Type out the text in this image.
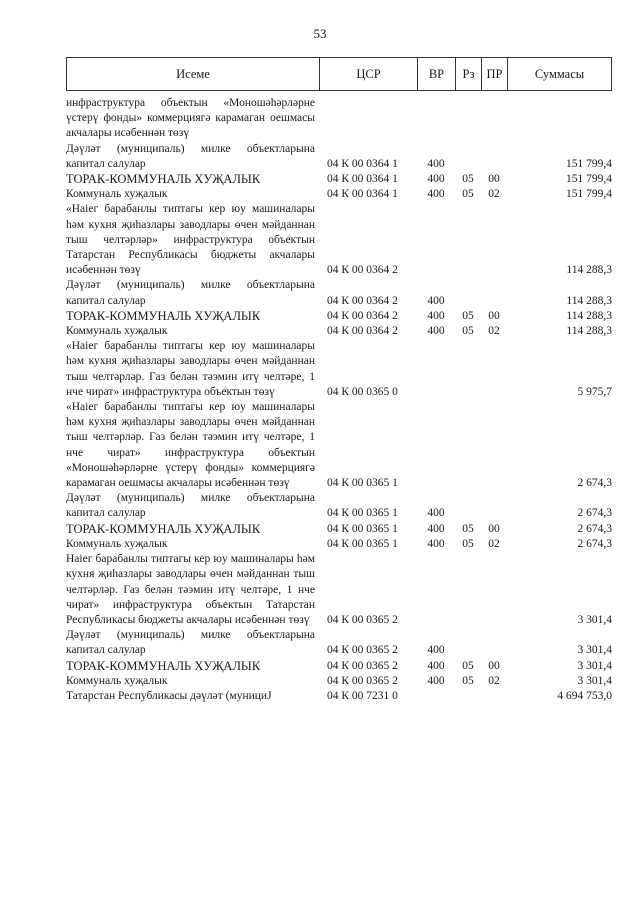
53
Исеме	ЦСР	ВР	Рз ПР	Суммасы
инфраструктура объектын «Моношәһәрләрне үстерү фонды» коммерциягә карамаган оешмасы акчалары исәбеннән төзү
Дәүләт (муниципаль) милке объектларына капитал салулар	04 К 00 0364 1	400	151 799,4
ТОРАК-КОММУНАЛЬ ХУҖАЛЫК	04 К 00 0364 1	400	05	00	151 799,4
Коммуналь хуҗалык	04 К 00 0364 1	400	05	02	151 799,4
«Наiег барабанлы типтагы кер юу машиналары һәм кухня җиһазлары заводлары өчен мәйданнан тыш челтәрләр» инфраструктура объектын Татарстан Республикасы бюджеты акчалары исәбеннән төзү	04 К 00 0364 2	114 288,3
Дәүләт (муниципаль) милке объектларына капитал салулар	04 К 00 0364 2	400	114 288,3
ТОРАК-КОММУНАЛЬ ХУҖАЛЫК	04 К 00 0364 2	400	05	00	114 288,3
Коммуналь хуҗалык	04 К 00 0364 2	400	05	02	114 288,3
«Наiег барабанлы типтагы кер юу машиналары һәм кухня җиһазлары заводлары өчен мәйданнан тыш челтәрләр. Газ белән тәэмин итү челтәре, 1 нче чират» инфраструктура объектын төзү	04 К 00 0365 0	5 975,7
«Наiег барабанлы типтагы кер юу машиналары һәм кухня җиһазлары заводлары өчен мәйданнан тыш челтәрләр. Газ белән тәэмин итү челтәре, 1 нче чират» инфраструктура объектын «Моношәһәрләрне үстерү фонды» коммерциягә карамаган оешмасы акчалары исәбеннән төзү	04 К 00 0365 1	2 674,3
Дәүләт (муниципаль) милке объектларына капитал салулар	04 К 00 0365 1	400	2 674,3
ТОРАК-КОММУНАЛЬ ХУҖАЛЫК	04 К 00 0365 1	400	05	00	2 674,3
Коммуналь хуҗалык	04 К 00 0365 1	400	05	02	2 674,3
Наiег барабанлы типтагы кер юу машиналары һәм кухня җиһазлары заводлары өчен мәйданнан тыш челтәрләр. Газ белән тәэмин итү челтәре, 1 нче чират» инфраструктура объектын Татарстан Республикасы бюджеты акчалары исәбеннән төзү	04 К 00 0365 2	3 301,4
Дәүләт (муниципаль) милке объектларына капитал салулар	04 К 00 0365 2	400	3 301,4
ТОРАК-КОММУНАЛЬ ХУҖАЛЫК	04 К 00 0365 2	400	05	00	3 301,4
Коммуналь хуҗалык	04 К 00 0365 2	400	05	02	3 301,4
Татарстан Республикасы дәүләт (мунициJ	04 К 00 7231 0	4 694 753,0
